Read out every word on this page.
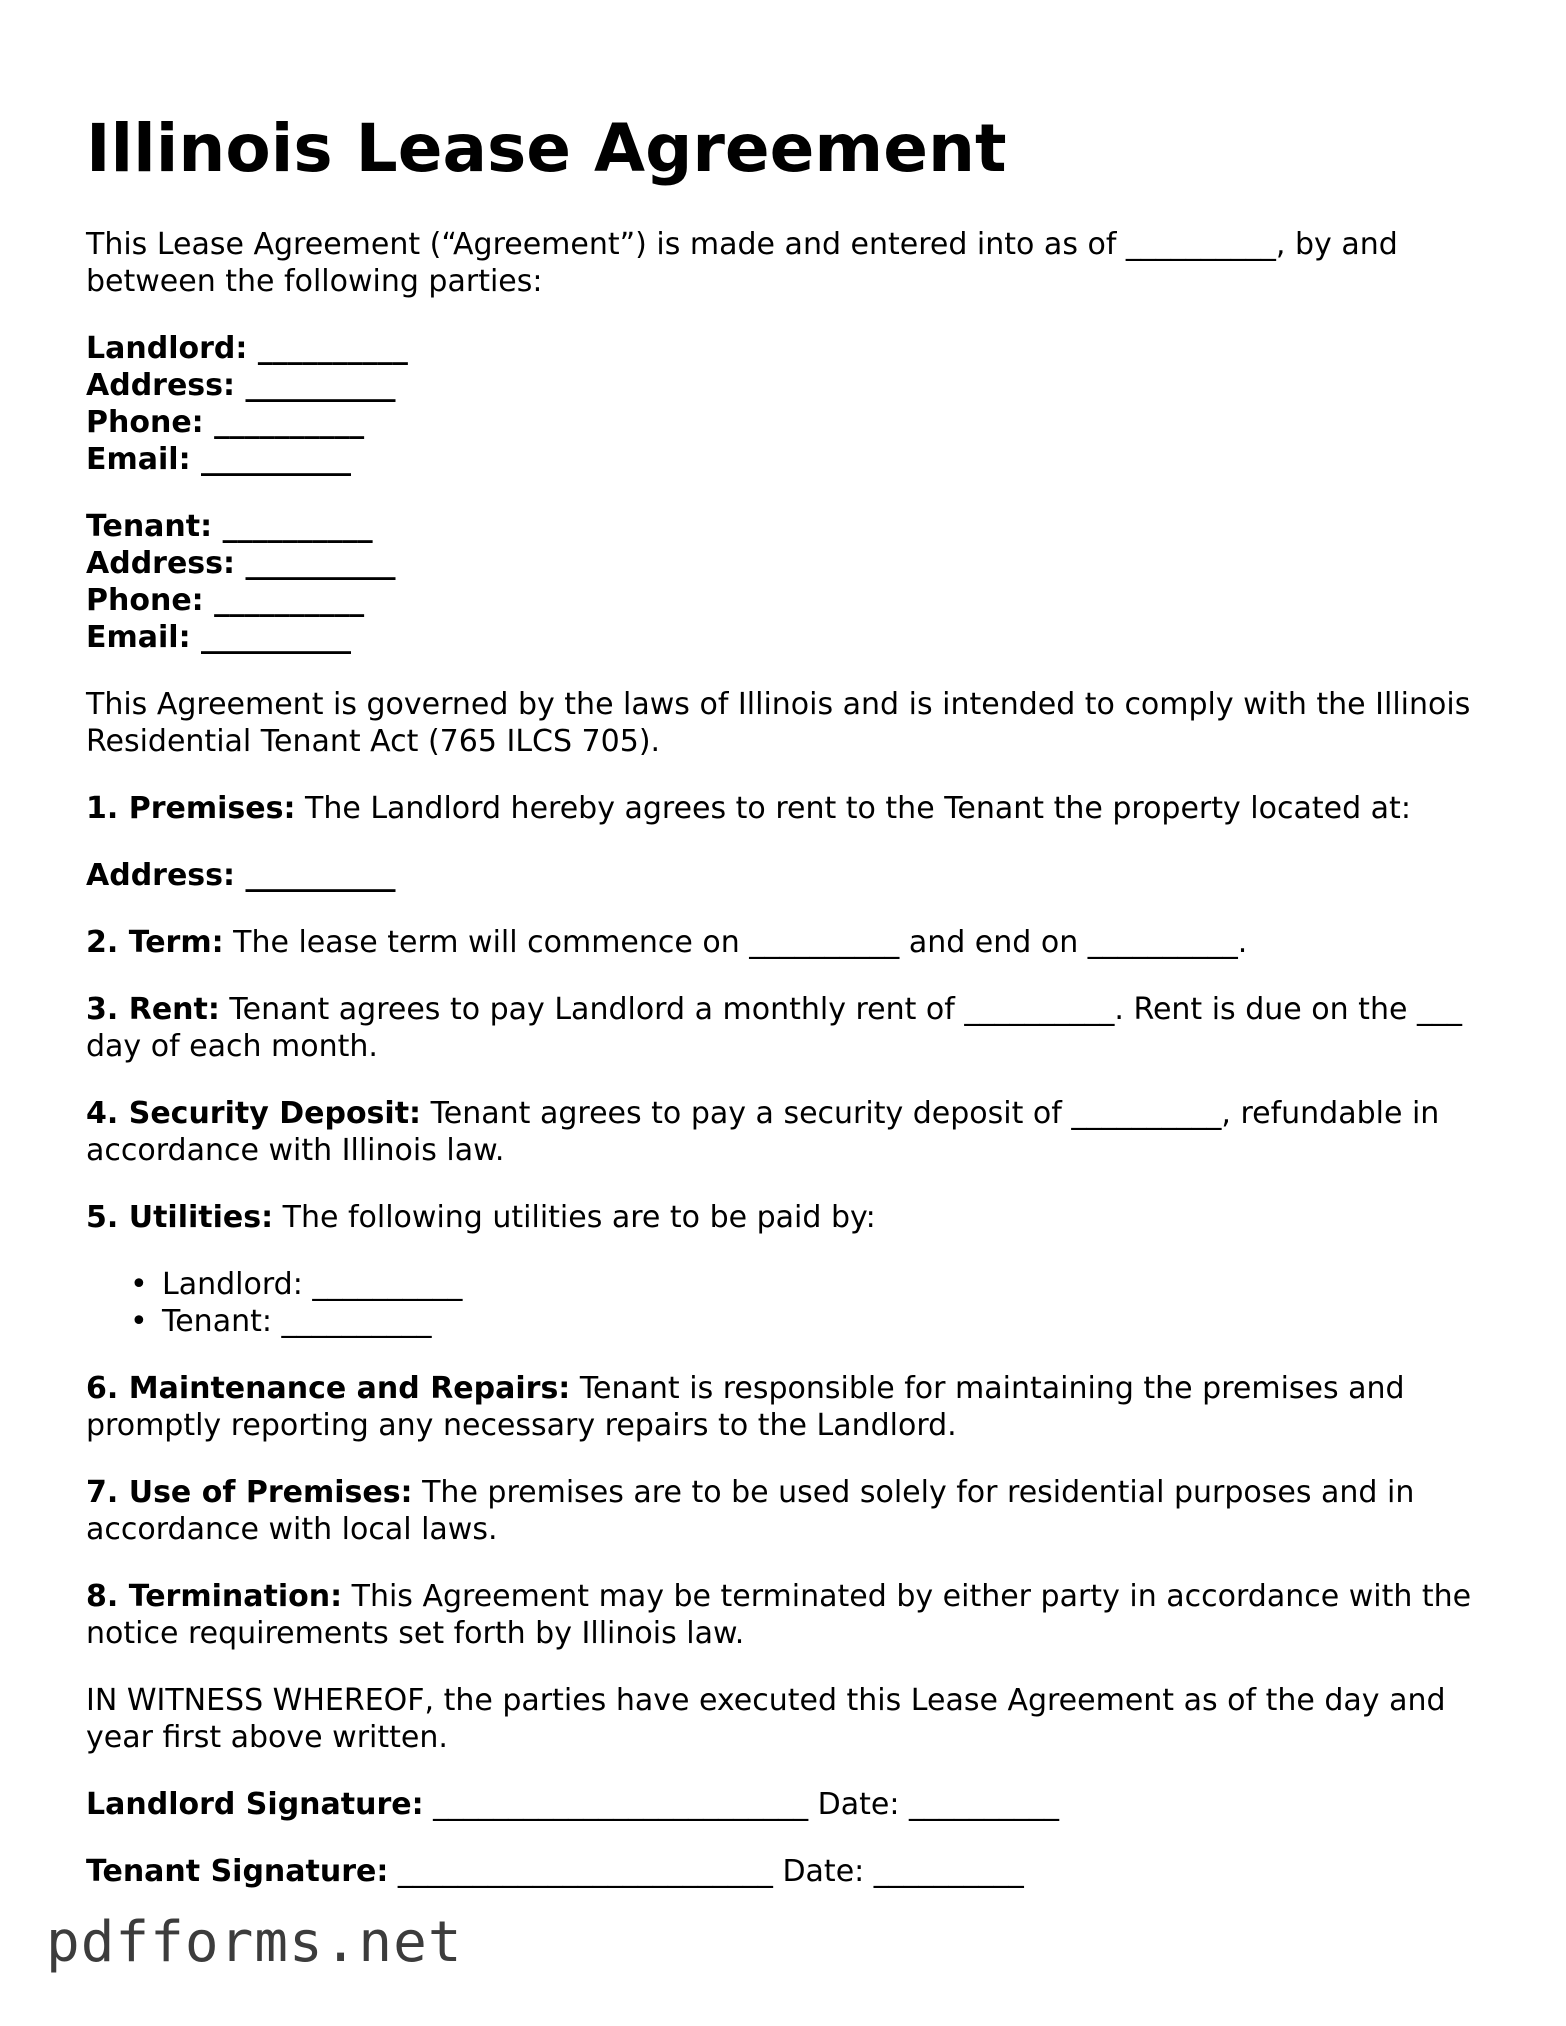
Illinois Lease Agreement

This Lease Agreement (“Agreement”) is made and entered into as of __________, by and between the following parties:

Landlord: __________
Address: __________
Phone: __________
Email: __________
Tenant: __________
Address: __________
Phone: __________
Email: __________

This Agreement is governed by the laws of Illinois and is intended to comply with the Illinois Residential Tenant Act (765 ILCS 705).

1. Premises: The Landlord hereby agrees to rent to the Tenant the property located at:

Address: __________

2. Term: The lease term will commence on __________ and end on __________.

3. Rent: Tenant agrees to pay Landlord a monthly rent of __________. Rent is due on the ___ day of each month.

4. Security Deposit: Tenant agrees to pay a security deposit of __________, refundable in accordance with Illinois law.

5. Utilities: The following utilities are to be paid by:

• Landlord: __________
• Tenant: __________

6. Maintenance and Repairs: Tenant is responsible for maintaining the premises and promptly reporting any necessary repairs to the Landlord.

7. Use of Premises: The premises are to be used solely for residential purposes and in accordance with local laws.

8. Termination: This Agreement may be terminated by either party in accordance with the notice requirements set forth by Illinois law.

IN WITNESS WHEREOF, the parties have executed this Lease Agreement as of the day and year first above written.

Landlord Signature: _________________________ Date: __________

Tenant Signature: _________________________ Date: __________

pdfforms.net
